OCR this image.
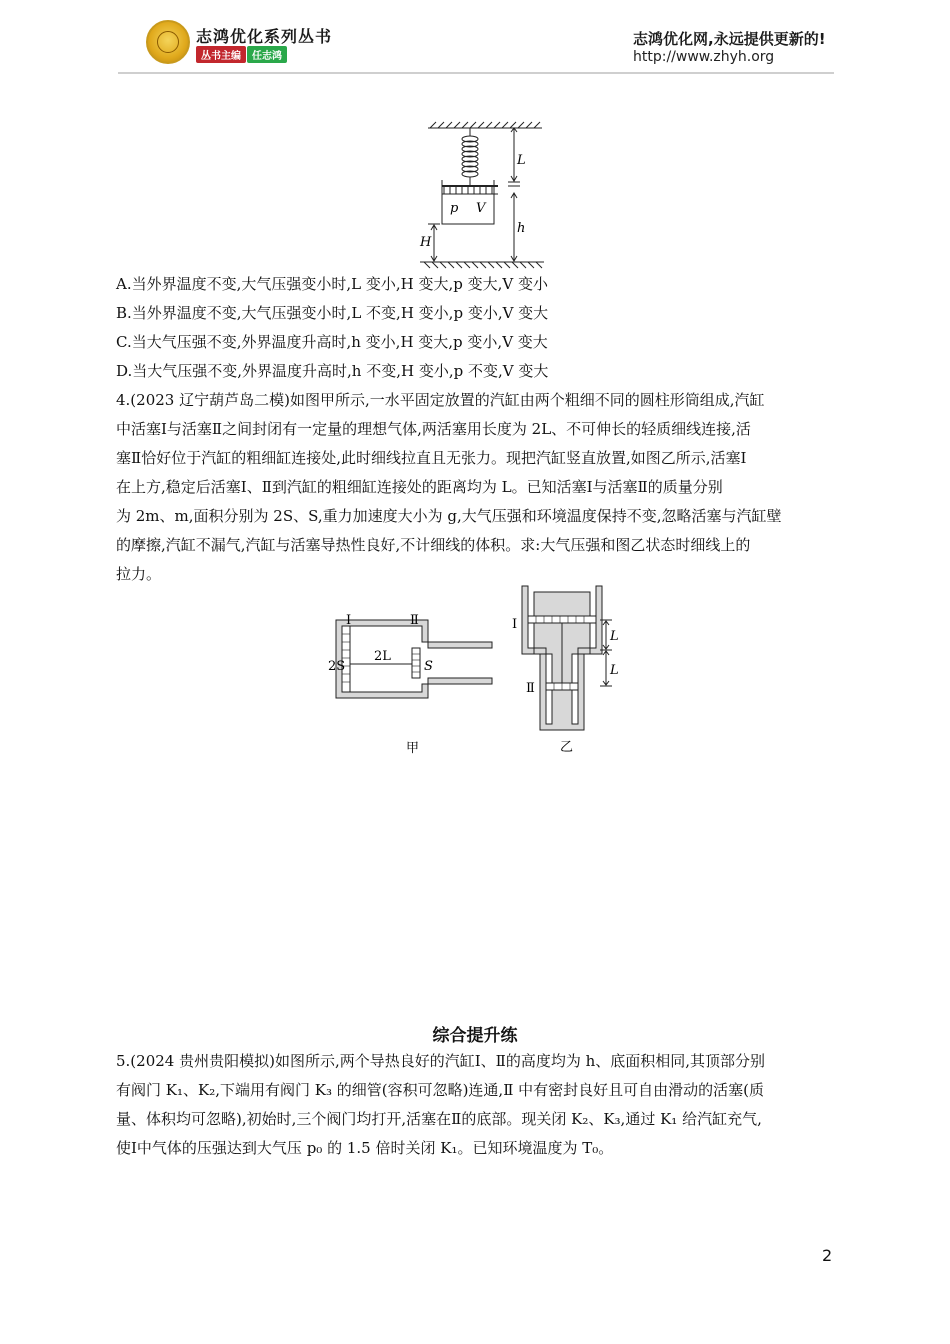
志鸿优化系列丛书
丛书主编 任志鸿
志鸿优化网,永远提供更新的!
http://www.zhyh.org
L
p V
h
H
A.当外界温度不变,大气压强变小时,L 变小,H 变大,p 变大,V 变小
B.当外界温度不变,大气压强变小时,L 不变,H 变小,p 变小,V 变大
C.当大气压强不变,外界温度升高时,h 变小,H 变大,p 变小,V 变大
D.当大气压强不变,外界温度升高时,h 不变,H 变小,p 不变,V 变大
4.(2023 辽宁葫芦岛二模)如图甲所示,一水平固定放置的汽缸由两个粗细不同的圆柱形筒组成,汽缸
中活塞Ⅰ与活塞Ⅱ之间封闭有一定量的理想气体,两活塞用长度为 2L、不可伸长的轻质细线连接,活
塞Ⅱ恰好位于汽缸的粗细缸连接处,此时细线拉直且无张力。现把汽缸竖直放置,如图乙所示,活塞Ⅰ
在上方,稳定后活塞Ⅰ、Ⅱ到汽缸的粗细缸连接处的距离均为 L。已知活塞Ⅰ与活塞Ⅱ的质量分别
为 2m、m,面积分别为 2S、S,重力加速度大小为 g,大气压强和环境温度保持不变,忽略活塞与汽缸壁
的摩擦,汽缸不漏气,汽缸与活塞导热性良好,不计细线的体积。求:大气压强和图乙状态时细线上的
拉力。
Ⅰ	Ⅱ
2S
2L
S
甲
Ⅰ
Ⅱ
L
L
乙
综合提升练
5.(2024 贵州贵阳模拟)如图所示,两个导热良好的汽缸Ⅰ、Ⅱ的高度均为 h、底面积相同,其顶部分别
有阀门 K₁、K₂,下端用有阀门 K₃ 的细管(容积可忽略)连通,Ⅱ 中有密封良好且可自由滑动的活塞(质
量、体积均可忽略),初始时,三个阀门均打开,活塞在Ⅱ的底部。现关闭 K₂、K₃,通过 K₁ 给汽缸充气,
使Ⅰ中气体的压强达到大气压 p₀ 的 1.5 倍时关闭 K₁。已知环境温度为 T₀。
2
